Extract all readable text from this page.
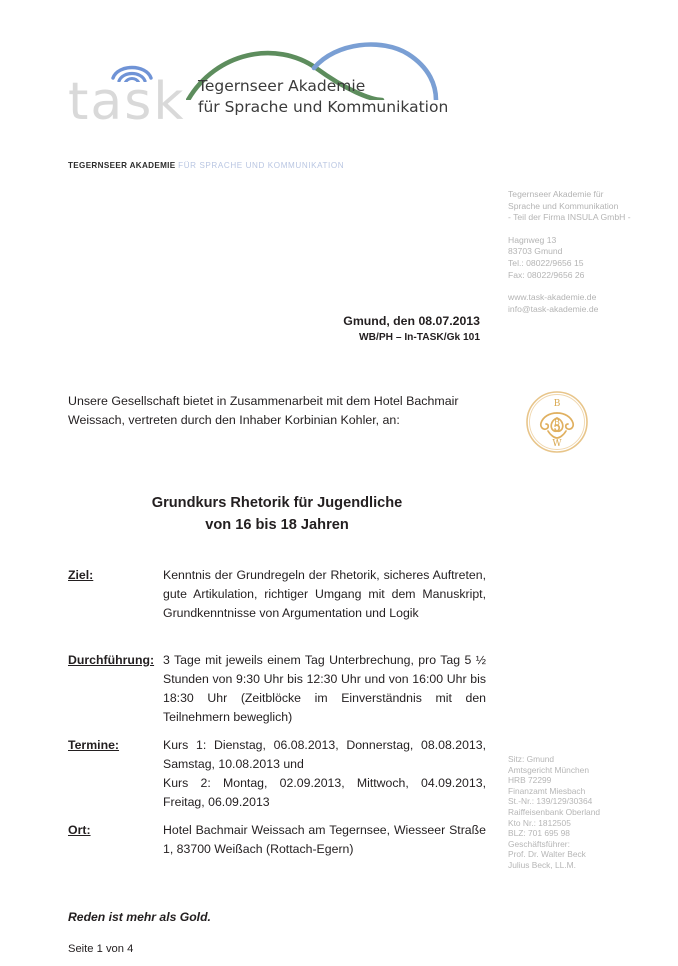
task Tegernseer Akademie
für Sprache und Kommunikation
TEGERNSEER AKADEMIE FÜR SPRACHE UND KOMMUNIKATION
Tegernseer Akademie für
Sprache und Kommunikation
- Teil der Firma INSULA GmbH -
Hagnweg 13
83703 Gmund
Tel.: 08022/9656 15
Fax: 08022/9656 26
www.task-akademie.de
info@task-akademie.de
Gmund, den 08.07.2013
WB/PH – In-TASK/Gk 101
Unsere Gesellschaft bietet in Zusammenarbeit mit dem Hotel Bachmair Weissach, vertreten durch den Inhaber Korbinian Kohler, an:
B
W
B
Grundkurs Rhetorik für Jugendliche
von 16 bis 18 Jahren
Ziel:	Kenntnis der Grundregeln der Rhetorik, sicheres Auftreten, gute Artikulation, richtiger Umgang mit dem Manuskript, Grundkenntnisse von Argumentation und Logik
Durchführung: 3 Tage mit jeweils einem Tag Unterbrechung, pro Tag 5 ½ Stunden von 9:30 Uhr bis 12:30 Uhr und von 16:00 Uhr bis 18:30 Uhr (Zeitblöcke im Einverständnis mit den Teilnehmern beweglich)
Termine:	Kurs 1: Dienstag, 06.08.2013, Donnerstag, 08.08.2013, Samstag, 10.08.2013 und
Kurs 2: Montag, 02.09.2013, Mittwoch, 04.09.2013, Freitag, 06.09.2013
Ort:	Hotel Bachmair Weissach am Tegernsee, Wiesseer Straße 1, 83700 Weißach (Rottach-Egern)
Sitz: Gmund
Amtsgericht München
HRB 72299
Finanzamt Miesbach
St.-Nr.: 139/129/30364
Raiffeisenbank Oberland
Kto Nr.: 1812505
BLZ: 701 695 98
Geschäftsführer:
Prof. Dr. Walter Beck
Julius Beck, LL.M.
Reden ist mehr als Gold.
Seite 1 von 4
